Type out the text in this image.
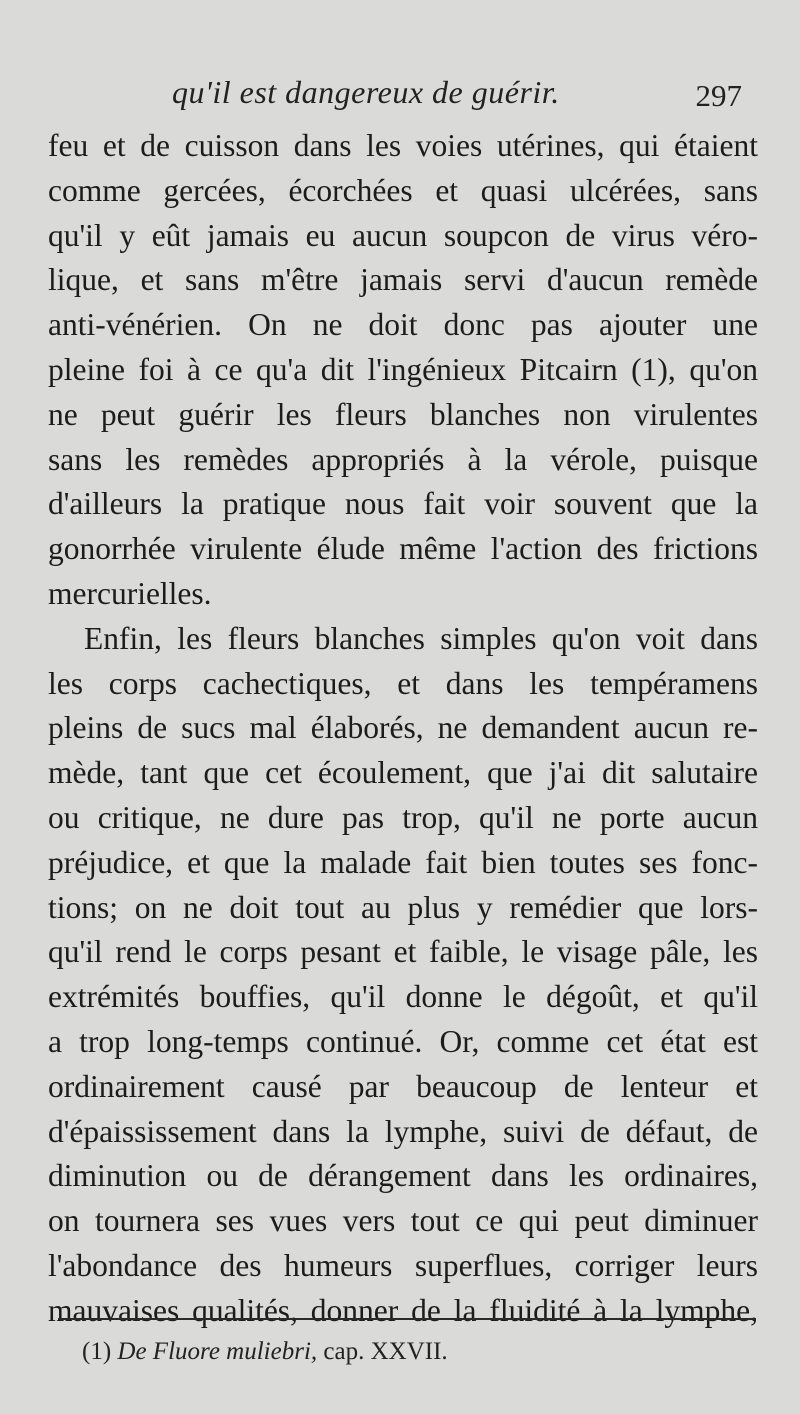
qu'il est dangereux de guérir.	297
feu et de cuisson dans les voies utérines, qui étaient
comme gercées, écorchées et quasi ulcérées, sans
qu'il y eût jamais eu aucun soupcon de virus véro-
lique, et sans m'être jamais servi d'aucun remède
anti-vénérien. On ne doit donc pas ajouter une
pleine foi à ce qu'a dit l'ingénieux Pitcairn (1), qu'on
ne peut guérir les fleurs blanches non virulentes
sans les remèdes appropriés à la vérole, puisque
d'ailleurs la pratique nous fait voir souvent que la
gonorrhée virulente élude même l'action des frictions
mercurielles.
Enfin, les fleurs blanches simples qu'on voit dans
les corps cachectiques, et dans les tempéramens
pleins de sucs mal élaborés, ne demandent aucun re-
mède, tant que cet écoulement, que j'ai dit salutaire
ou critique, ne dure pas trop, qu'il ne porte aucun
préjudice, et que la malade fait bien toutes ses fonc-
tions; on ne doit tout au plus y remédier que lors-
qu'il rend le corps pesant et faible, le visage pâle, les
extrémités bouffies, qu'il donne le dégoût, et qu'il
a trop long-temps continué. Or, comme cet état est
ordinairement causé par beaucoup de lenteur et
d'épaississement dans la lymphe, suivi de défaut, de
diminution ou de dérangement dans les ordinaires,
on tournera ses vues vers tout ce qui peut diminuer
l'abondance des humeurs superflues, corriger leurs
mauvaises qualités, donner de la fluidité à la lymphe,
(1) De Fluore muliebri, cap. XXVII.
